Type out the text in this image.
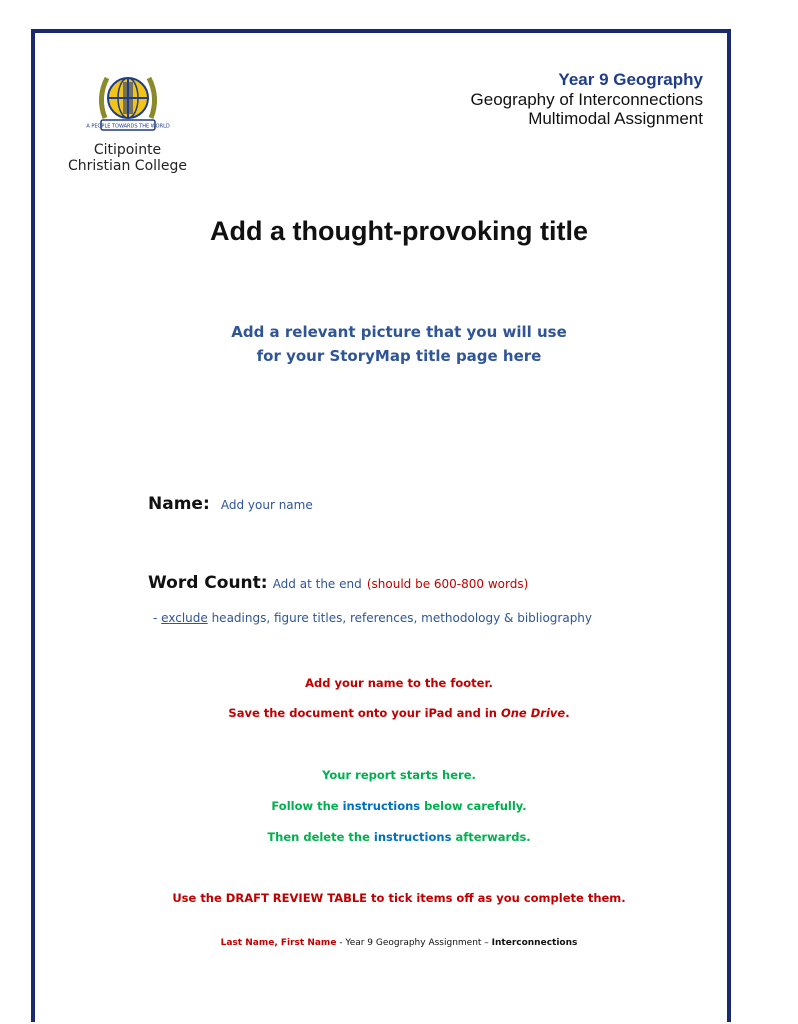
A PEOPLE TOWARDS THE WORLD
Citipointe
Christian College
Year 9 Geography
Geography of Interconnections
Multimodal Assignment
Add a thought-provoking title
Add a relevant picture that you will use
for your StoryMap title page here
Name: Add your name
Word Count: Add at the end (should be 600-800 words)
- exclude headings, figure titles, references, methodology & bibliography
Add your name to the footer.
Save the document onto your iPad and in One Drive.
Your report starts here.
Follow the instructions below carefully.
Then delete the instructions afterwards.
Use the DRAFT REVIEW TABLE to tick items off as you complete them.
Last Name, First Name - Year 9 Geography Assignment – Interconnections
